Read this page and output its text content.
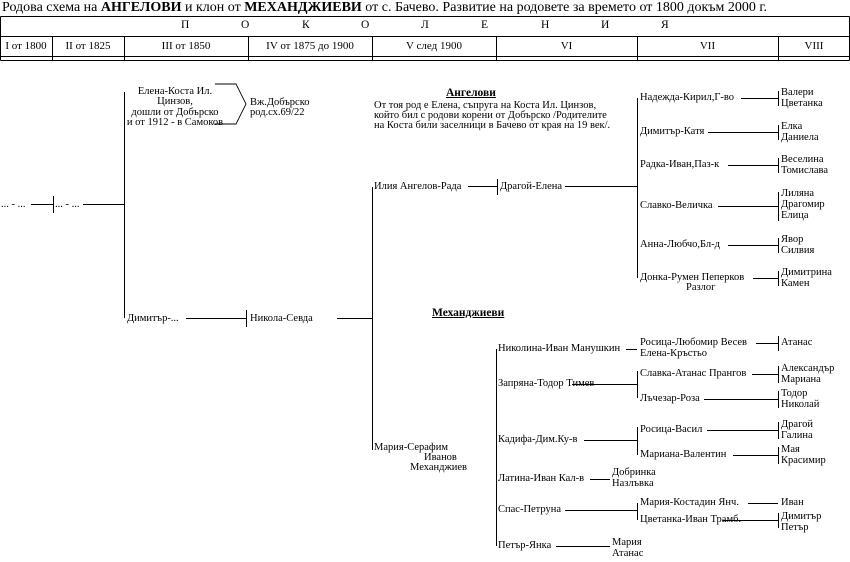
Родова схема на АНГЕЛОВИ и клон от МЕХАНДЖИЕВИ от с. Бачево. Развитие на родовете за времето от 1800 докъм 2000 г.
П	О	К	О	Л	Е	Н	И	Я
I от 1800	II от 1825	III от 1850	IV от 1875 до 1900	V след 1900	VI	VII	VIII
... - ...	... - ...
Елена-Коста Ил.
Цинзов,
дошли от Добърско
и от 1912 - в Самоков
Вж.Добърско
род.сх.69/22
Димитър-...	Никола-Севда
Ангелови
От тоя род е Елена, съпруга на Коста Ил. Цинзов,
който бил с родови корени от Добърско /Родителите
на Коста били заселници в Бачево от края на 19 век/.
Илия Ангелов-Рада	Драгой-Елена
Надежда-Кирил,Г-во
Димитър-Катя
Радка-Иван,Паз-к
Славко-Величка
Анна-Любчо,Бл-д
Донка-Румен Пеперков
Разлог
Валери
Цветанка
Елка
Даниела
Веселина
Томислава
Лиляна
Драгомир
Елица
Явор
Силвия
Димитрина
Камен
Механджиеви
Мария-Серафим
Иванов
Механджиев
Николина-Иван Манушкин
Запряна-Тодор Тимев
Кадифа-Дим.Ку-в
Латина-Иван Кал-в
Спас-Петруна
Петър-Янка
Росица-Любомир Весев
Елена-Кръстьо
Славка-Атанас Прангов
Лъчезар-Роза
Росица-Васил
Мариана-Валентин
Добринка
Назлъвка
Мария-Костадин Янч.
Цветанка-Иван Трамб.
Мария
Атанас
Атанас
Александър
Мариана
Тодор
Николай
Драгой
Галина
Мая
Красимир
Иван
Димитър
Петър
